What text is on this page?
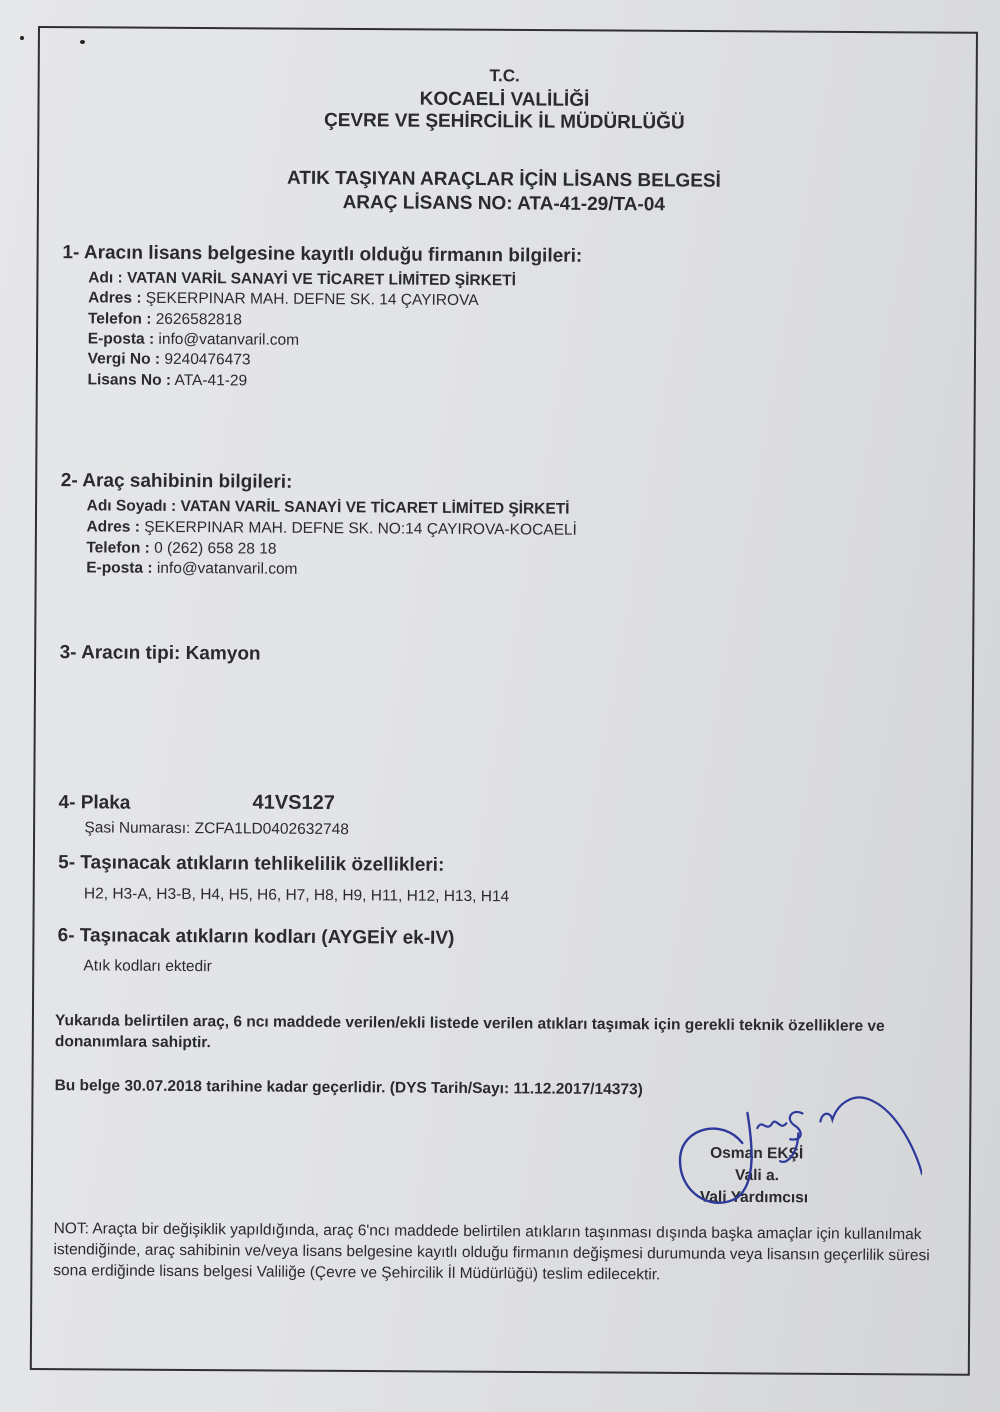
T.C.
KOCAELİ VALİLİĞİ
ÇEVRE VE ŞEHİRCİLİK İL MÜDÜRLÜĞÜ
ATIK TAŞIYAN ARAÇLAR İÇİN LİSANS BELGESİ
ARAÇ LİSANS NO: ATA-41-29/TA-04
1- Aracın lisans belgesine kayıtlı olduğu firmanın bilgileri:
Adı : VATAN VARİL SANAYİ VE TİCARET LİMİTED ŞİRKETİ
Adres : ŞEKERPINAR MAH. DEFNE SK. 14 ÇAYIROVA
Telefon : 2626582818
E-posta : info@vatanvaril.com
Vergi No : 9240476473
Lisans No : ATA-41-29
2- Araç sahibinin bilgileri:
Adı Soyadı : VATAN VARİL SANAYİ VE TİCARET LİMİTED ŞİRKETİ
Adres : ŞEKERPINAR MAH. DEFNE SK. NO:14 ÇAYIROVA-KOCAELİ
Telefon : 0 (262) 658 28 18
E-posta : info@vatanvaril.com
3- Aracın tipi: Kamyon
4- Plaka	41VS127
Şasi Numarası: ZCFA1LD0402632748
5- Taşınacak atıkların tehlikelilik özellikleri:
H2, H3-A, H3-B, H4, H5, H6, H7, H8, H9, H11, H12, H13, H14
6- Taşınacak atıkların kodları (AYGEİY ek-IV)
Atık kodları ektedir
Yukarıda belirtilen araç, 6 ncı maddede verilen/ekli listede verilen atıkları taşımak için gerekli teknik özelliklere ve donanımlara sahiptir.
Bu belge 30.07.2018 tarihine kadar geçerlidir. (DYS Tarih/Sayı: 11.12.2017/14373)
Osman EKŞİ
Vali a.
Vali Yardımcısı
NOT: Araçta bir değişiklik yapıldığında, araç 6'ncı maddede belirtilen atıkların taşınması dışında başka amaçlar için kullanılmak istendiğinde, araç sahibinin ve/veya lisans belgesine kayıtlı olduğu firmanın değişmesi durumunda veya lisansın geçerlilik süresi sona erdiğinde lisans belgesi Valiliğe (Çevre ve Şehircilik İl Müdürlüğü) teslim edilecektir.
